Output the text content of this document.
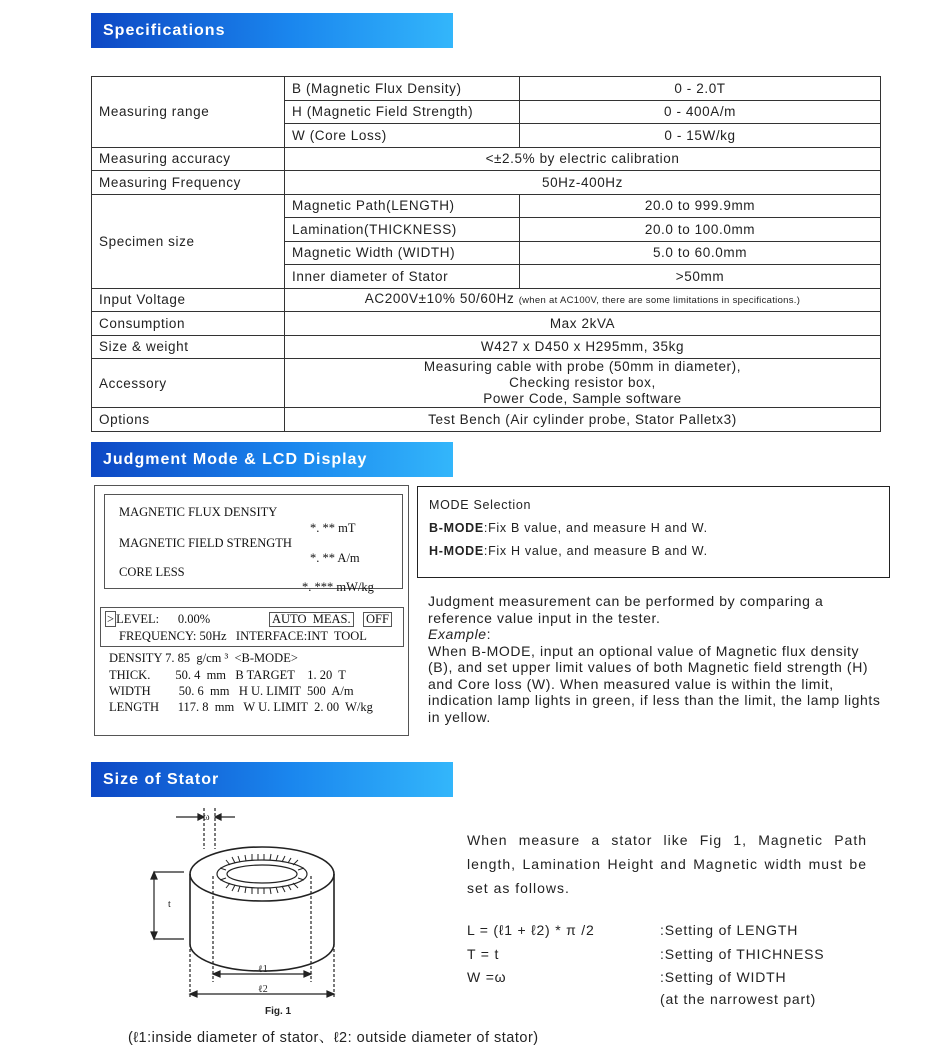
Specifications
Measuring range	B (Magnetic Flux Density)	0 - 2.0T
	H (Magnetic Field Strength)	0 - 400A/m
	W (Core Loss)	0 - 15W/kg
Measuring accuracy	<±2.5% by electric calibration	
Measuring Frequency	50Hz-400Hz	
Specimen size	Magnetic Path(LENGTH)	20.0 to 999.9mm
	Lamination(THICKNESS)	20.0 to 100.0mm
	Magnetic Width (WIDTH)	5.0 to 60.0mm
	Inner diameter of Stator	>50mm
Input Voltage	AC200V±10% 50/60Hz (when at AC100V, there are some limitations in specifications.)	
Consumption	Max 2kVA	
Size & weight	W427 x D450 x H295mm, 35kg	
Accessory	Measuring cable with probe (50mm in diameter),
Checking resistor box,
Power Code, Sample software	

Options	Test Bench (Air cylinder probe, Stator Palletx3)	
Judgment Mode & LCD Display
MAGNETIC FLUX DENSITY
*. ** mT
MAGNETIC FIELD STRENGTH
*. ** A/m
CORE LESS
*. *** mW/kg
> LEVEL:      0.00%	AUTO  MEAS. OFF
FREQUENCY: 50Hz   INTERFACE:INT  TOOL
DENSITY 7. 85  g/cm ³  <B-MODE>
THICK.        50. 4  mm   B TARGET    1. 20  T
WIDTH         50. 6  mm   H U. LIMIT  500  A/m
LENGTH      117. 8  mm   W U. LIMIT  2. 00  W/kg
MODE Selection
B-MODE:Fix B value, and measure H and W.
H-MODE:Fix H value, and measure B and W.

Judgment measurement can be performed by comparing a reference value input in the tester.

Example:

When B-MODE, input an optional value of Magnetic flux density (B), and set upper limit values of both Magnetic field strength (H) and Core loss (W). When measured value is within the limit, indication lamp lights in green, if less than the limit, the lamp lights in yellow.

Size of Stator
ω
t
ℓ1
ℓ2
Fig. 1
When measure a stator like Fig 1, Magnetic Path length, Lamination Height and Magnetic width must be set as follows.
L = (ℓ1 + ℓ2) * π /2	:Setting of LENGTH
T = t	:Setting of THICHNESS
W =ω	:Setting of WIDTH
(at the narrowest part)
(ℓ1:inside diameter of stator、ℓ2: outside diameter of stator)
